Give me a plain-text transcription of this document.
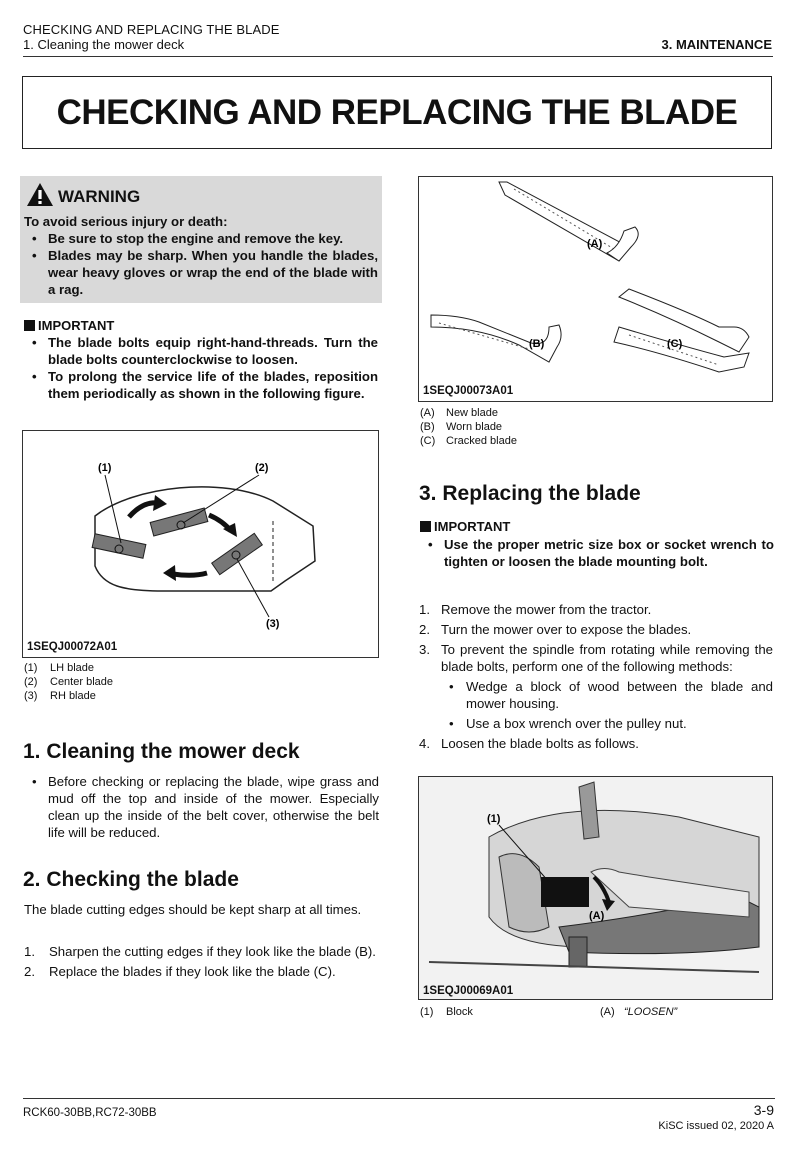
CHECKING AND REPLACING THE BLADE
1. Cleaning the mower deck	3. MAINTENANCE
CHECKING AND REPLACING THE BLADE
WARNING
To avoid serious injury or death:
• Be sure to stop the engine and remove the key.
• Blades may be sharp. When you handle the blades, wear heavy gloves or wrap the end of the blade with a rag.
IMPORTANT
• The blade bolts equip right-hand-threads. Turn the blade bolts counterclockwise to loosen.
• To prolong the service life of the blades, reposition them periodically as shown in the following figure.
(1)	(2)
(3)
1SEQJ00072A01
(1) LH blade
(2) Center blade
(3) RH blade
1. Cleaning the mower deck
• Before checking or replacing the blade, wipe grass and mud off the top and inside of the mower. Especially clean up the inside of the belt cover, otherwise the belt life will be reduced.
2. Checking the blade
The blade cutting edges should be kept sharp at all times.
1. Sharpen the cutting edges if they look like the blade (B).
2. Replace the blades if they look like the blade (C).
(A)
(B)	(C)
1SEQJ00073A01
(A) New blade
(B) Worn blade
(C) Cracked blade
3. Replacing the blade
IMPORTANT
• Use the proper metric size box or socket wrench to tighten or loosen the blade mounting bolt.
1. Remove the mower from the tractor.
2. Turn the mower over to expose the blades.
3. To prevent the spindle from rotating while removing the blade bolts, perform one of the following methods:
• Wedge a block of wood between the blade and mower housing.
• Use a box wrench over the pulley nut.
4. Loosen the blade bolts as follows.
(1)
(A)
1SEQJ00069A01
(1) Block	(A) “LOOSEN”
RCK60-30BB,RC72-30BB	3-9
KiSC issued 02, 2020 A
